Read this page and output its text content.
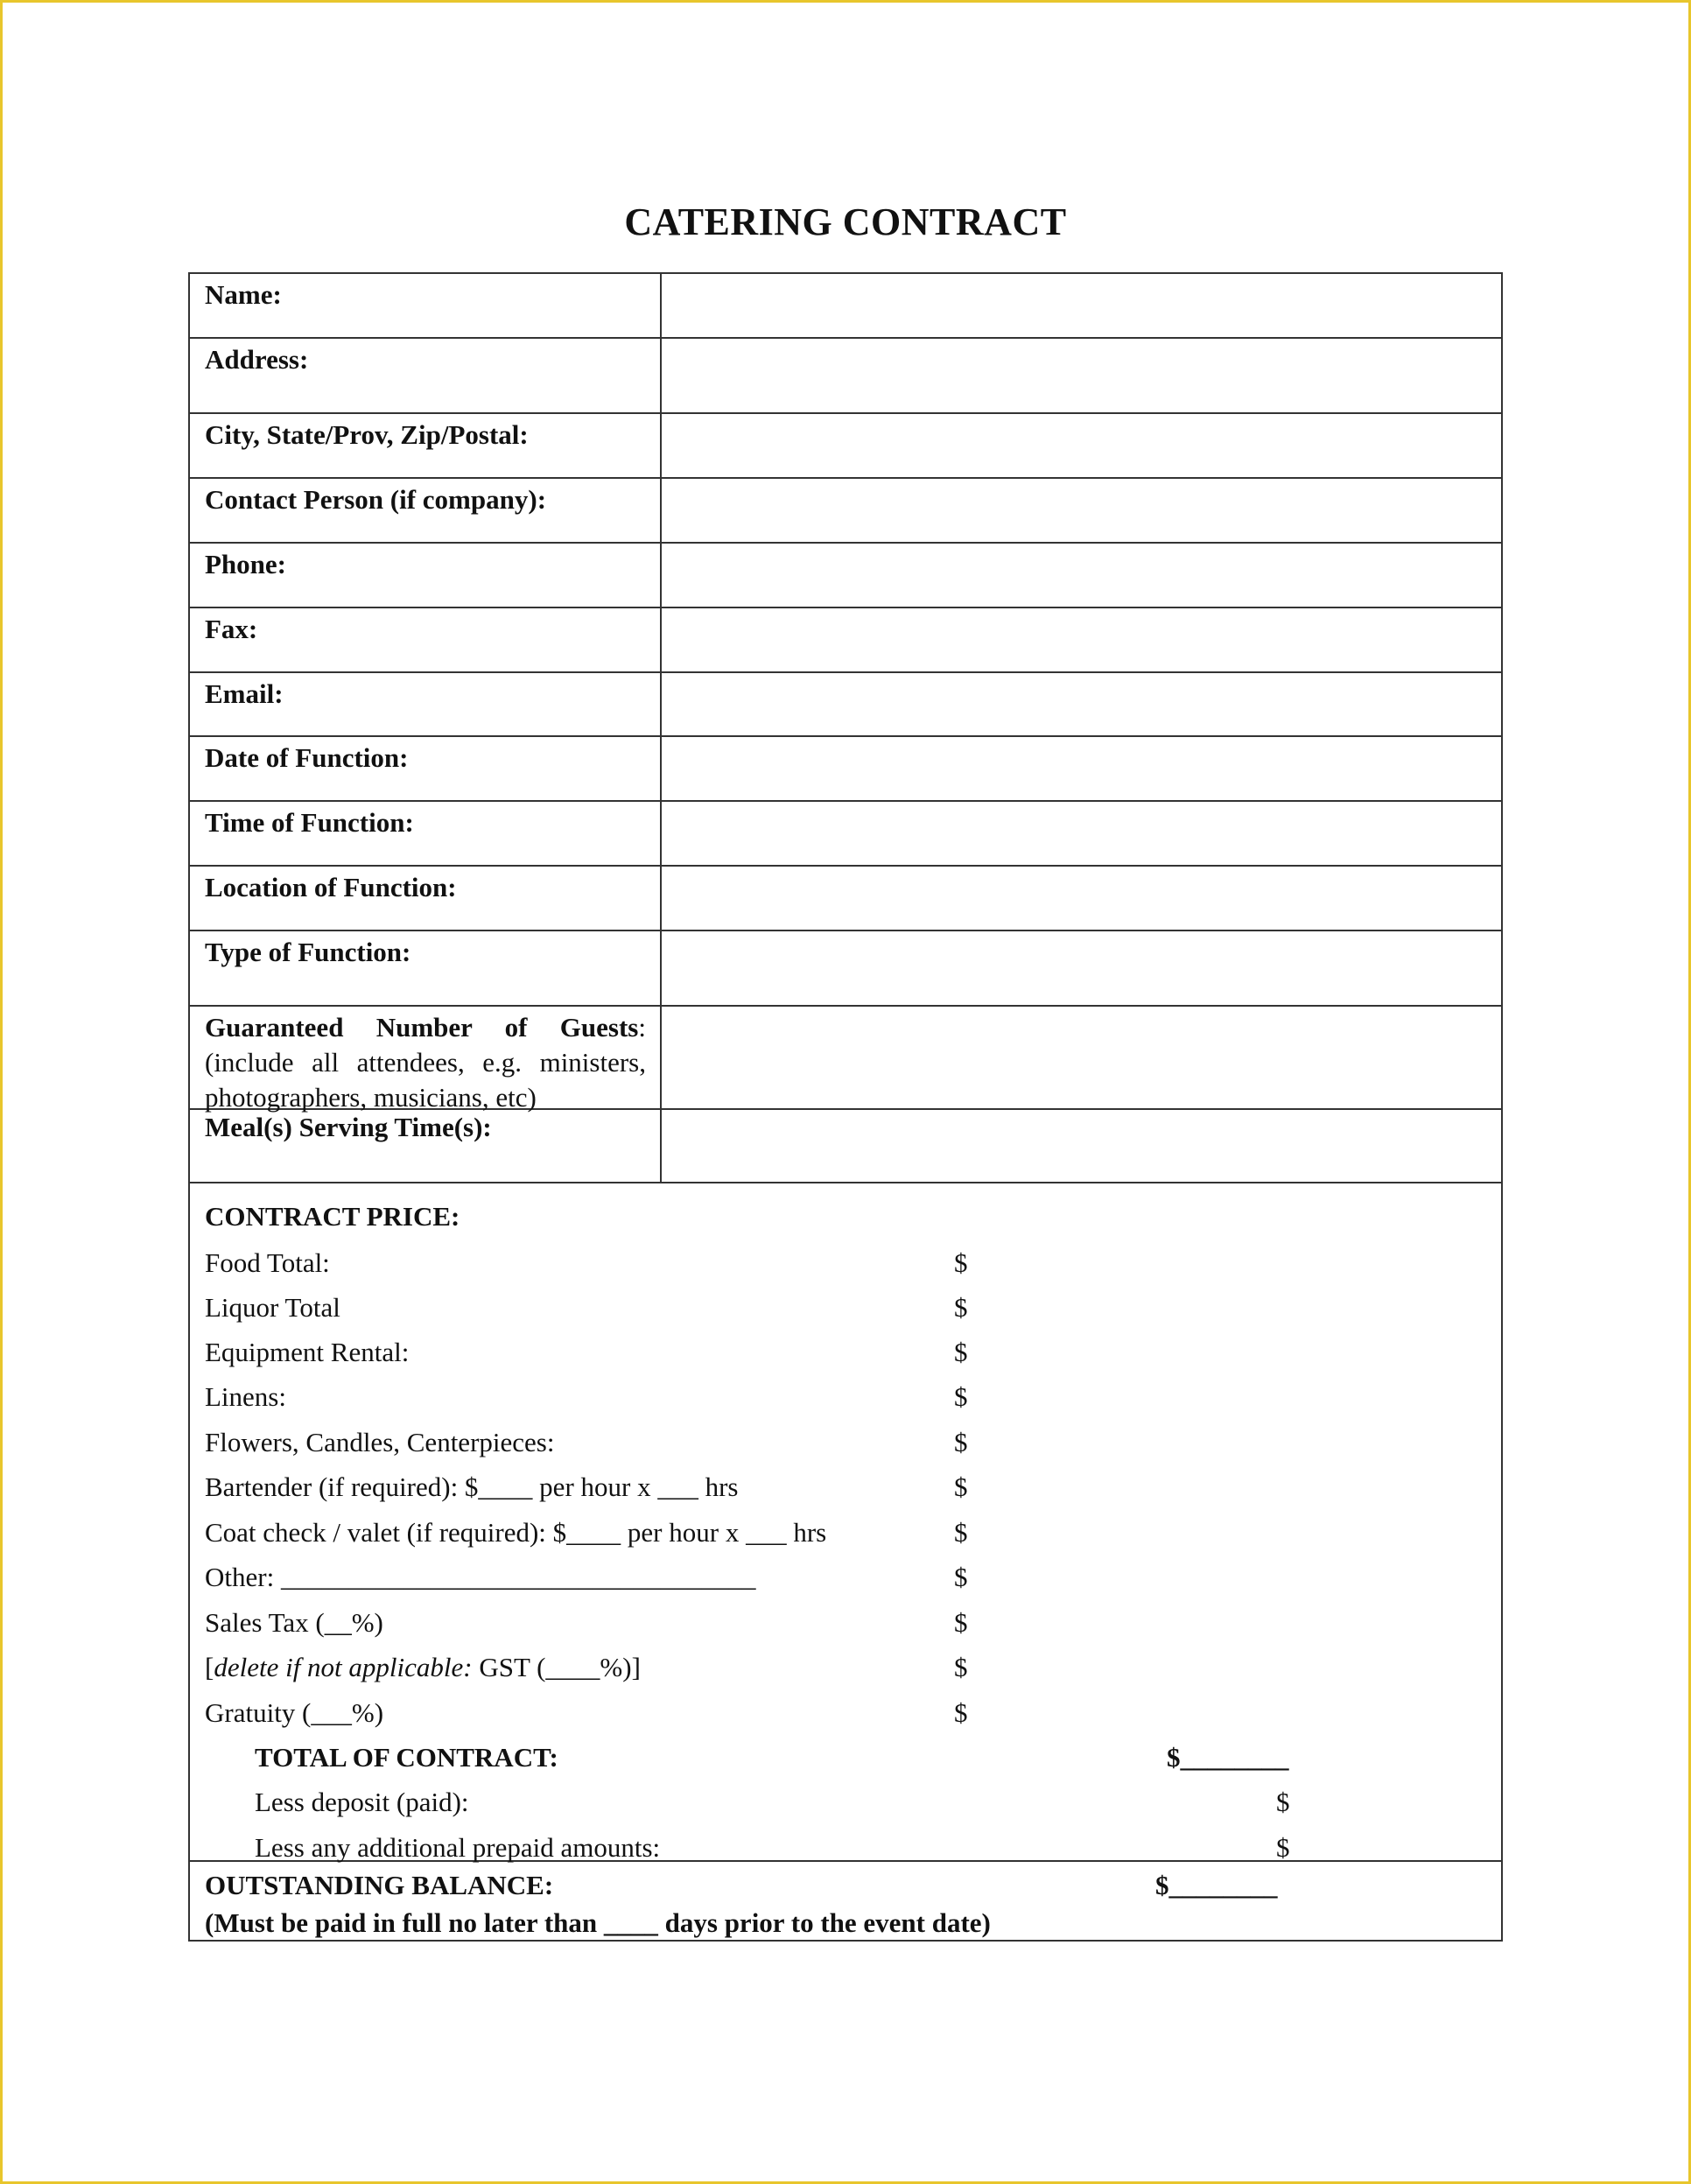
CATERING CONTRACT
Name:
Address:
City, State/Prov, Zip/Postal:
Contact Person (if company):
Phone:
Fax:
Email:
Date of Function:
Time of Function:
Location of Function:
Type of Function:
Guaranteed Number of Guests:
(include all attendees, e.g. ministers, photographers, musicians, etc)
Meal(s) Serving Time(s):
CONTRACT PRICE:
Food Total:	$
Liquor Total	$
Equipment Rental:	$
Linens:	$
Flowers, Candles, Centerpieces:	$
Bartender (if required): $____ per hour x ___ hrs	$
Coat check / valet (if required): $____ per hour x ___ hrs	$
Other: ___________________________________	$
Sales Tax (__%)	$
[delete if not applicable: GST (____%)]	$
Gratuity (___%)	$
TOTAL OF CONTRACT:	$________
Less deposit (paid):	$
Less any additional prepaid amounts:	$
OUTSTANDING BALANCE:	$________
(Must be paid in full no later than ____ days prior to the event date)
